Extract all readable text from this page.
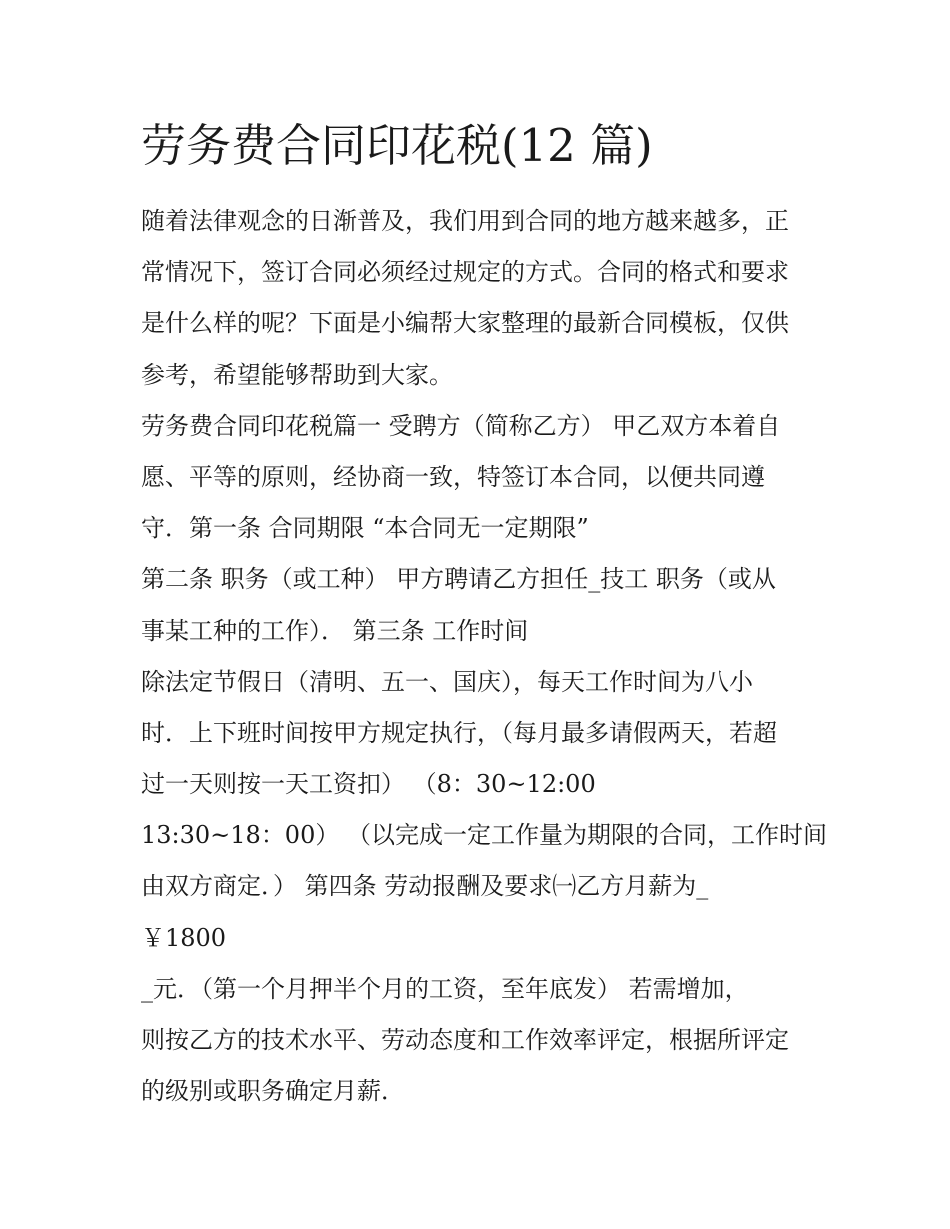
劳务费合同印花税(12 篇)
随着法律观念的日渐普及，我们用到合同的地方越来越多，正
常情况下，签订合同必须经过规定的方式。合同的格式和要求
是什么样的呢？下面是小编帮大家整理的最新合同模板，仅供
参考，希望能够帮助到大家。
劳务费合同印花税篇一 受聘方（简称乙方） 甲乙双方本着自
愿、平等的原则，经协商一致，特签订本合同，以便共同遵
守．第一条 合同期限 “本合同无一定期限”
第二条 职务（或工种） 甲方聘请乙方担任_技工 职务（或从
事某工种的工作）． 第三条 工作时间
除法定节假日（清明、五一、国庆），每天工作时间为八小
时．上下班时间按甲方规定执行，（每月最多请假两天，若超
过一天则按一天工资扣） （8：30~12:00
13:30~18：00） （以完成一定工作量为期限的合同，工作时间
由双方商定．） 第四条 劳动报酬及要求㈠乙方月薪为_
￥1800
_元．（第一个月押半个月的工资，至年底发） 若需增加，
则按乙方的技术水平、劳动态度和工作效率评定，根据所评定
的级别或职务确定月薪．
